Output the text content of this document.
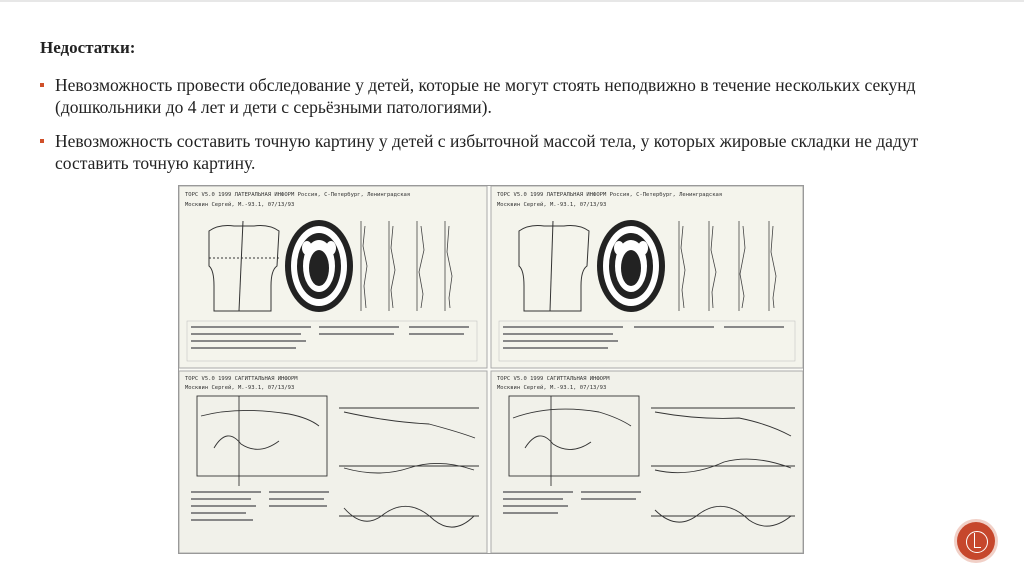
Недостатки:
Невозможность провести обследование у детей, которые не могут стоять неподвижно в течение нескольких секунд (дошкольники до 4 лет и дети с серьёзными патологиями).
Невозможность составить точную картину у детей с избыточной массой тела, у которых жировые складки не дадут составить точную картину.
ТОРС V5.0 1999 ЛАТЕРАЛЬНАЯ ИНФОРМ Россия, С-Петербург, Ленинградская
Москвин Сергей, М.-93.1, 07/13/93
ТОРС V5.0 1999 ЛАТЕРАЛЬНАЯ ИНФОРМ Россия, С-Петербург, Ленинградская
Москвин Сергей, М.-93.1, 07/13/93
ТОРС V5.0 1999 САГИТТАЛЬНАЯ ИНФОРМ
Москвин Сергей, М.-93.1, 07/13/93
ТОРС V5.0 1999 САГИТТАЛЬНАЯ ИНФОРМ
Москвин Сергей, М.-93.1, 07/13/93
